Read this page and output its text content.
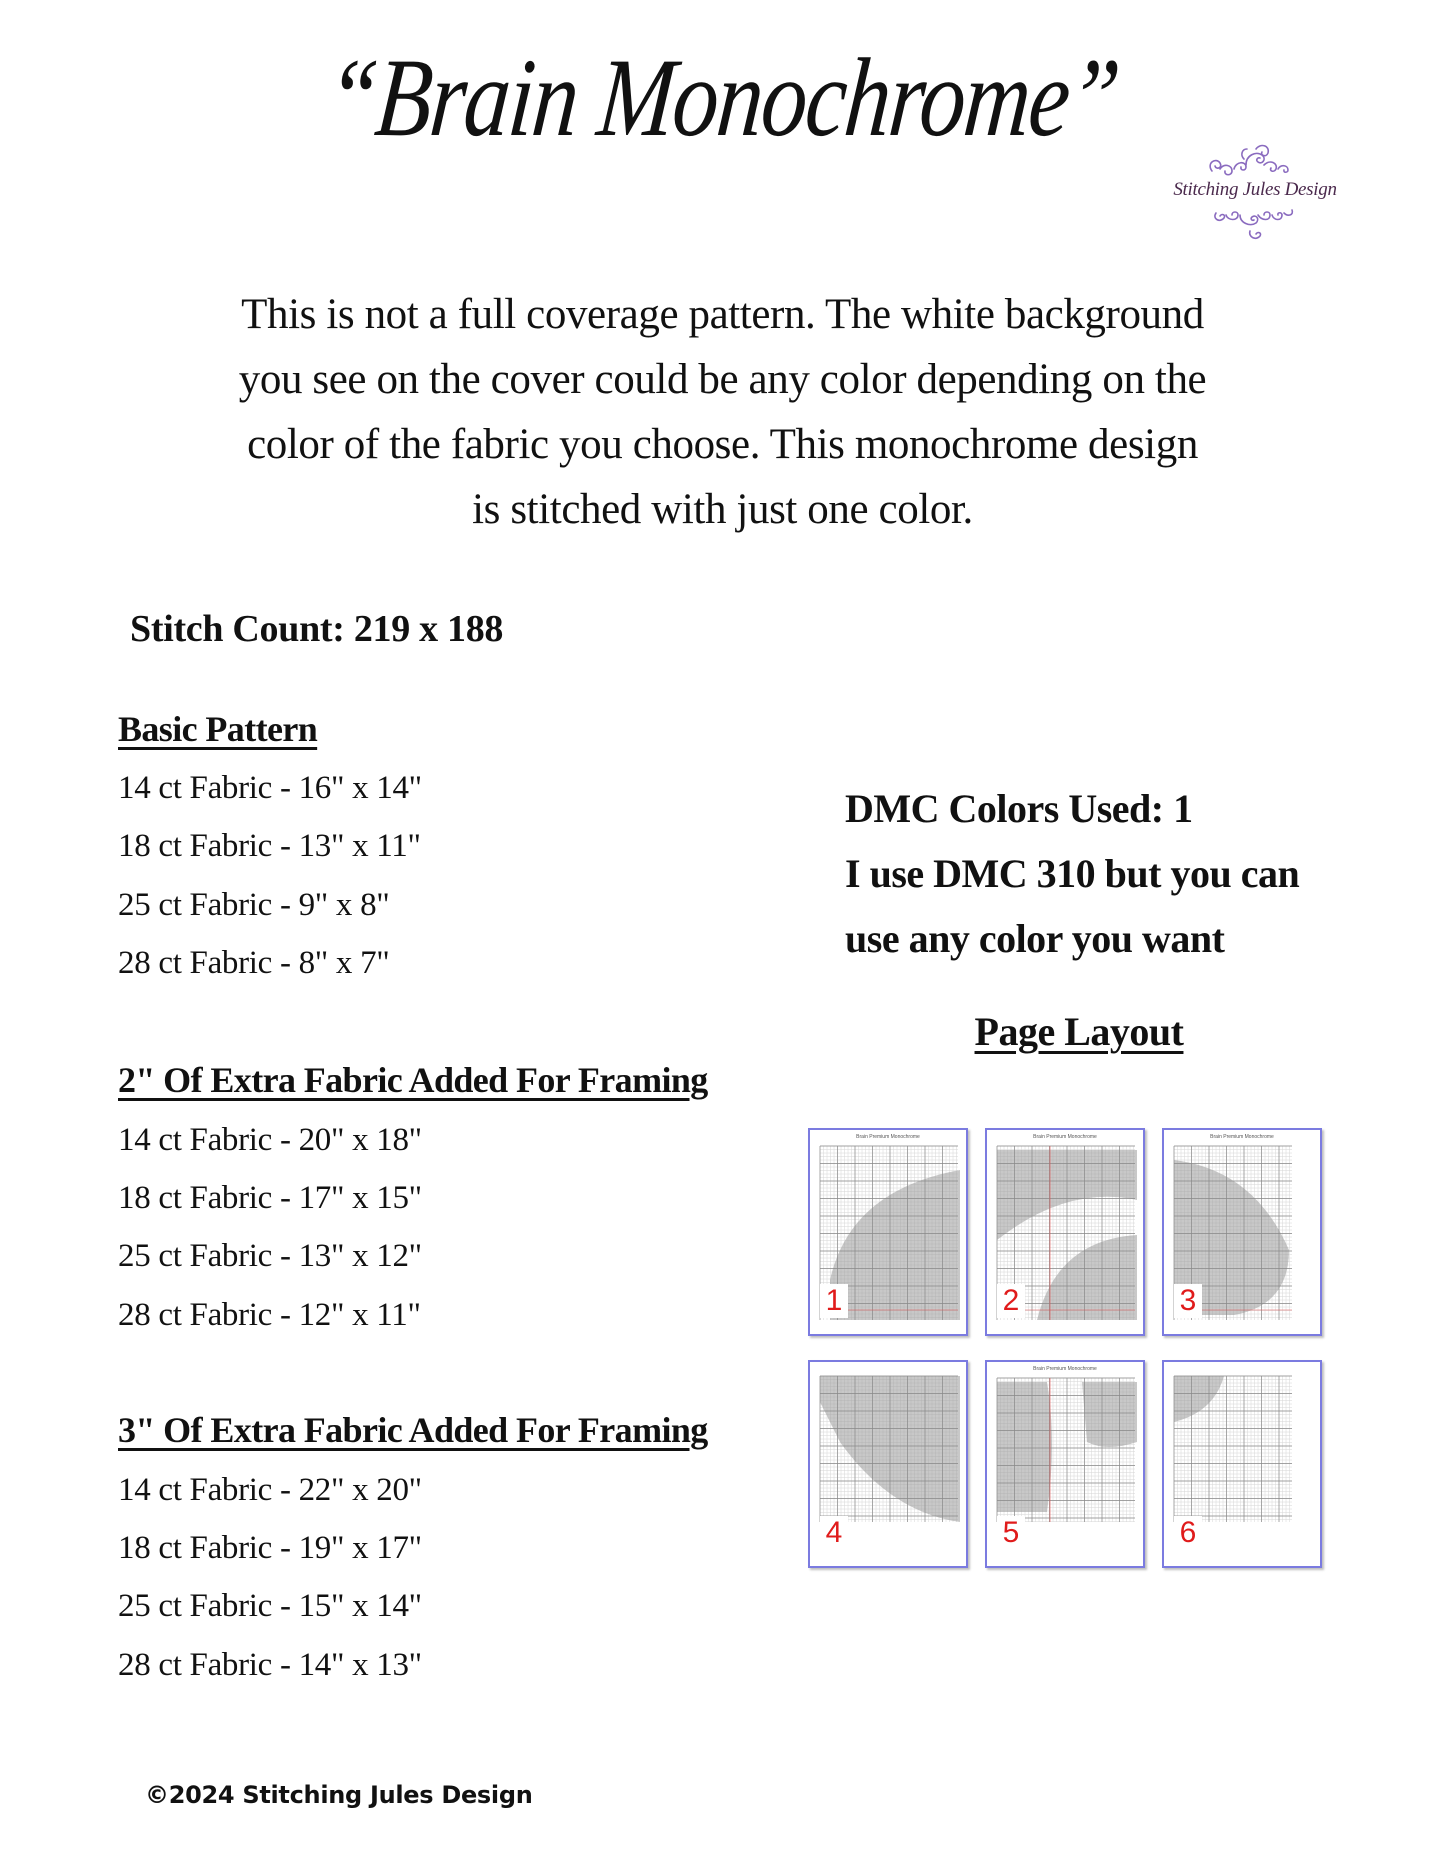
“Brain Monochrome”
Stitching Jules Design
This is not a full coverage pattern. The white background
you see on the cover could be any color depending on the
color of the fabric you choose. This monochrome design
is stitched with just one color.
Stitch Count: 219 x 188
Basic Pattern
14 ct Fabric - 16" x 14"
18 ct Fabric - 13" x 11"
25 ct Fabric - 9" x 8"
28 ct Fabric - 8" x 7"
2" Of Extra Fabric Added For Framing
14 ct Fabric - 20" x 18"
18 ct Fabric - 17" x 15"
25 ct Fabric - 13" x 12"
28 ct Fabric - 12" x 11"
3" Of Extra Fabric Added For Framing
14 ct Fabric - 22" x 20"
18 ct Fabric - 19" x 17"
25 ct Fabric - 15" x 14"
28 ct Fabric - 14" x 13"
DMC Colors Used: 1
I use DMC 310 but you can
use any color you want
Page Layout
Brain Premium Monochrome
1
Brain Premium Monochrome
2
Brain Premium Monochrome
3
4
Brain Premium Monochrome
5	6
©2024 Stitching Jules Design
